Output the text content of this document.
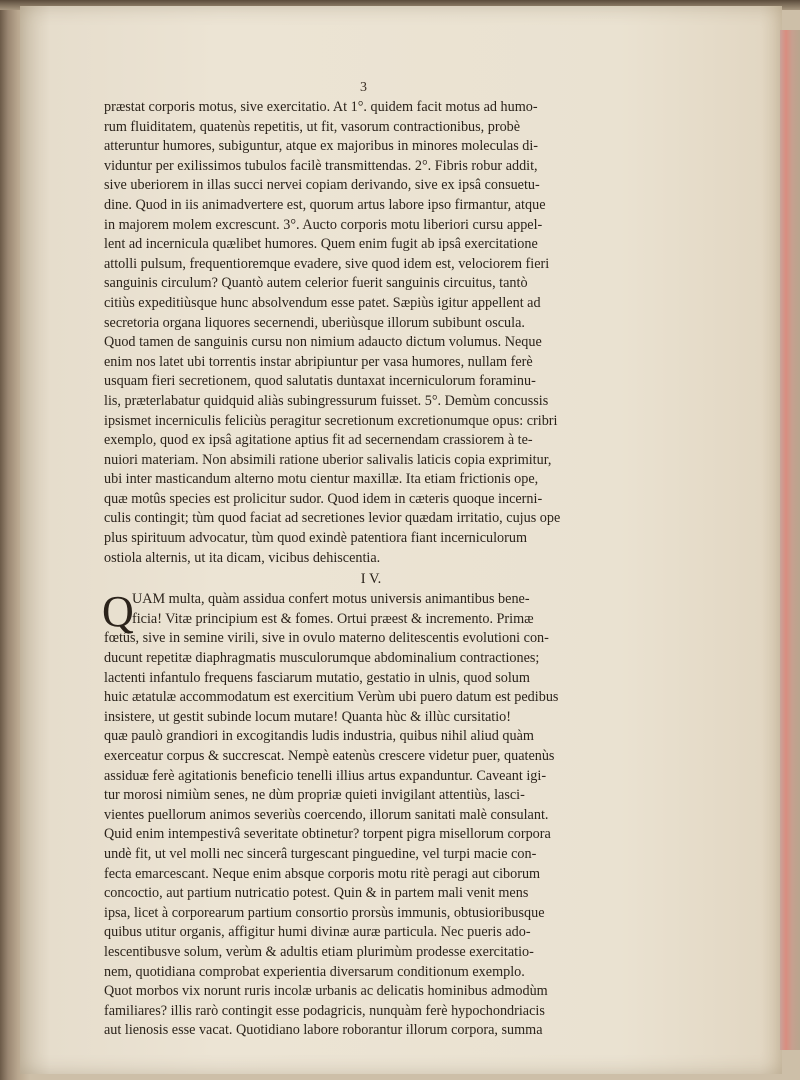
3
præstat corporis motus, sive exercitatio. At 1°. quidem facit motus ad humo-
rum fluiditatem, quatenùs repetitis, ut fit, vasorum contractionibus, probè
atteruntur humores, subiguntur, atque ex majoribus in minores moleculas di-
viduntur per exilissimos tubulos facilè transmittendas. 2°. Fibris robur addit,
sive uberiorem in illas succi nervei copiam derivando, sive ex ipsâ consuetu-
dine. Quod in iis animadvertere est, quorum artus labore ipso firmantur, atque
in majorem molem excrescunt. 3°. Aucto corporis motu liberiori cursu appel-
lent ad incernicula quælibet humores. Quem enim fugit ab ipsâ exercitatione
attolli pulsum, frequentioremque evadere, sive quod idem est, velociorem fieri
sanguinis circulum? Quantò autem celerior fuerit sanguinis circuitus, tantò
citiùs expeditiùsque hunc absolvendum esse patet. Sæpiùs igitur appellent ad
secretoria organa liquores secernendi, uberiùsque illorum subibunt oscula.
Quod tamen de sanguinis cursu non nimium adaucto dictum volumus. Neque
enim nos latet ubi torrentis instar abripiuntur per vasa humores, nullam ferè
usquam fieri secretionem, quod salutatis duntaxat incerniculorum foraminu-
lis, præterlabatur quidquid aliàs subingressurum fuisset. 5°. Demùm concussis
ipsismet incerniculis feliciùs peragitur secretionum excretionumque opus: cribri
exemplo, quod ex ipsâ agitatione aptius fit ad secernendam crassiorem à te-
nuiori materiam. Non absimili ratione uberior salivalis laticis copia exprimitur,
ubi inter masticandum alterno motu cientur maxillæ. Ita etiam frictionis ope,
quæ motûs species est prolicitur sudor. Quod idem in cæteris quoque incerni-
culis contingit; tùm quod faciat ad secretiones levior quædam irritatio, cujus ope
plus spirituum advocatur, tùm quod exindè patentiora fiant incerniculorum
ostiola alternis, ut ita dicam, vicibus dehiscentia.
I V.
Q
UAM multa, quàm assidua confert motus universis animantibus bene-
ficia! Vitæ principium est & fomes. Ortui præest & incremento. Primæ
fœtûs, sive in semine virili, sive in ovulo materno delitescentis evolutioni con-
ducunt repetitæ diaphragmatis musculorumque abdominalium contractiones;
lactenti infantulo frequens fasciarum mutatio, gestatio in ulnis, quod solum
huic ætatulæ accommodatum est exercitium Verùm ubi puero datum est pedibus
insistere, ut gestit subinde locum mutare! Quanta hùc & illùc cursitatio!
quæ paulò grandiori in excogitandis ludis industria, quibus nihil aliud quàm
exerceatur corpus & succrescat. Nempè eatenùs crescere videtur puer, quatenùs
assiduæ ferè agitationis beneficio tenelli illius artus expanduntur. Caveant igi-
tur morosi nimiùm senes, ne dùm propriæ quieti invigilant attentiùs, lasci-
vientes puellorum animos severiùs coercendo, illorum sanitati malè consulant.
Quid enim intempestivâ severitate obtinetur? torpent pigra misellorum corpora
undè fit, ut vel molli nec sincerâ turgescant pinguedine, vel turpi macie con-
fecta emarcescant. Neque enim absque corporis motu ritè peragi aut ciborum
concoctio, aut partium nutricatio potest. Quin & in partem mali venit mens
ipsa, licet à corporearum partium consortio prorsùs immunis, obtusioribusque
quibus utitur organis, affigitur humi divinæ auræ particula. Nec pueris ado-
lescentibusve solum, verùm & adultis etiam plurimùm prodesse exercitatio-
nem, quotidiana comprobat experientia diversarum conditionum exemplo.
Quot morbos vix norunt ruris incolæ urbanis ac delicatis hominibus admodùm
familiares? illis rarò contingit esse podagricis, nunquàm ferè hypochondriacis
aut lienosis esse vacat. Quotidiano labore roborantur illorum corpora, summa
